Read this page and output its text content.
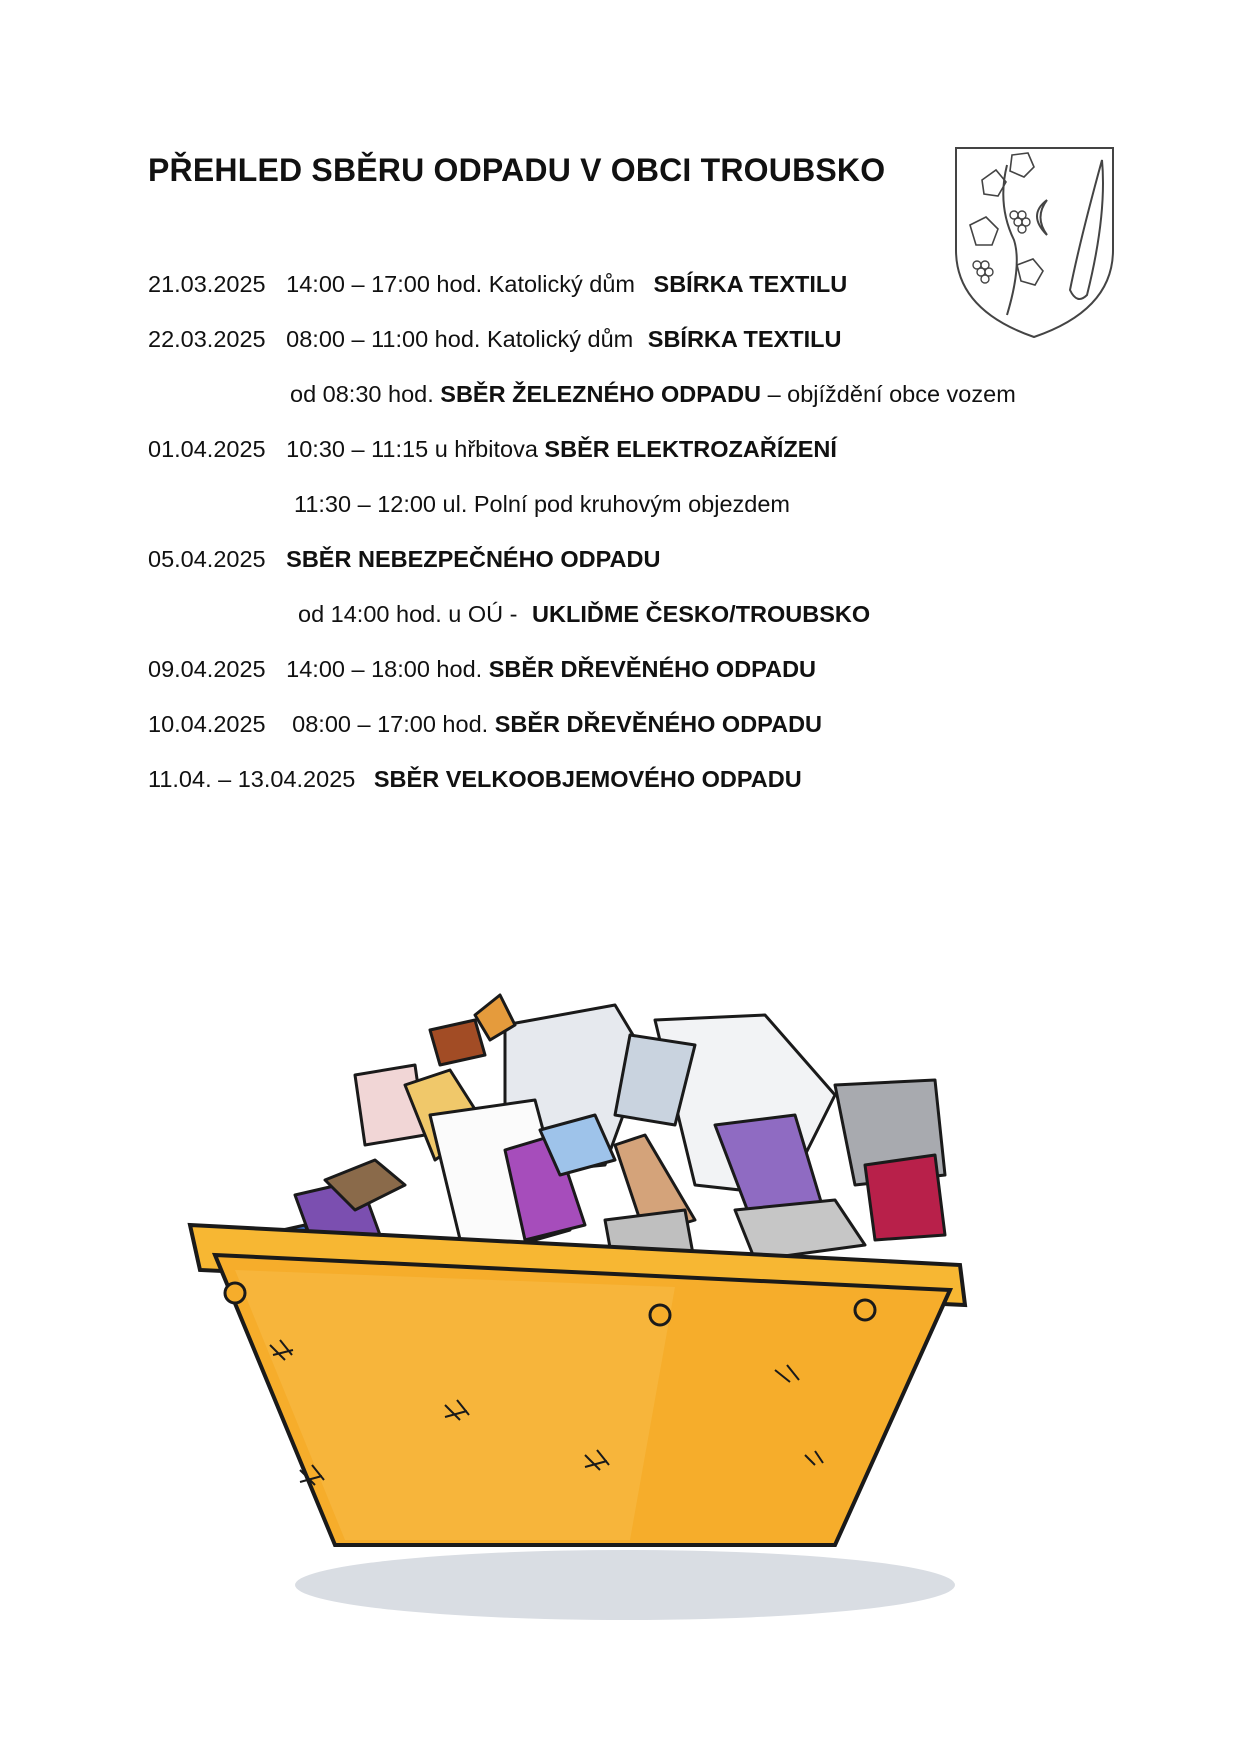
PŘEHLED SBĚRU ODPADU V OBCI TROUBSKO
21.03.2025 14:00 – 17:00 hod. Katolický dům SBÍRKA TEXTILU
22.03.2025 08:00 – 11:00 hod. Katolický dům SBÍRKA TEXTILU
od 08:30 hod. SBĚR ŽELEZNÉHO ODPADU – objíždění obce vozem
01.04.2025 10:30 – 11:15 u hřbitova SBĚR ELEKTROZAŘÍZENÍ
11:30 – 12:00 ul. Polní pod kruhovým objezdem
05.04.2025 SBĚR NEBEZPEČNÉHO ODPADU
od 14:00 hod. u OÚ - UKLIĎME ČESKO/TROUBSKO
09.04.2025 14:00 – 18:00 hod. SBĚR DŘEVĚNÉHO ODPADU
10.04.2025 08:00 – 17:00 hod. SBĚR DŘEVĚNÉHO ODPADU
11.04. – 13.04.2025 SBĚR VELKOOBJEMOVÉHO ODPADU
